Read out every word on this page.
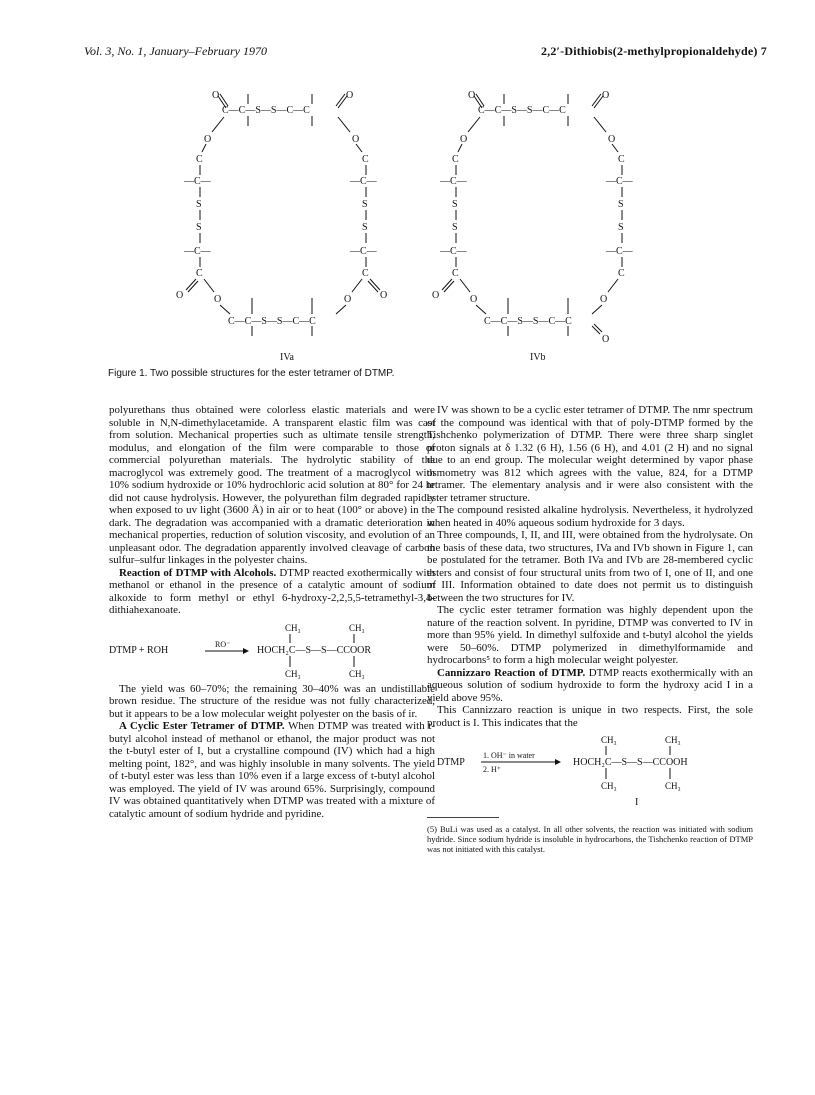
Vol. 3, No. 1, January–February 1970	2,2′-Dithiobis(2-methylpropionaldehyde) 7
C—C—S—S—C—C
O	O
O	O
C	C
—C—	—C—
S	S
S	S
—C—	—C—
C	C
O	O
O	O
C—C—S—S—C—C
IVa
C—C—S—S—C—C
O	O
O	O
C	C
—C—	—C—
S	S
S	S
—C—	—C—
C	C
O	O	O
C—C—S—S—C—C
O
IVb
Figure 1. Two possible structures for the ester tetramer of DTMP.

polyurethans thus obtained were colorless elastic materials and were soluble in N,N-dimethylacetamide. A transparent elastic film was cast from solution. Mechanical properties such as ultimate tensile strength, modulus, and elongation of the film were comparable to those of commercial polyurethan materials. The hydrolytic stability of the macroglycol was extremely good. The treatment of a macroglycol with 10% sodium hydroxide or 10% hydrochloric acid solution at 80° for 24 hr did not cause hydrolysis. However, the polyurethan film degraded rapidly when exposed to uv light (3600 Å) in air or to heat (100° or above) in the dark. The degradation was accompanied with a dramatic deterioration in mechanical properties, reduction of solution viscosity, and evolution of an unpleasant odor. The degradation apparently involved cleavage of carbon sulfur–sulfur linkages in the polyester chains.

Reaction of DTMP with Alcohols. DTMP reacted exothermically with methanol or ethanol in the presence of a catalytic amount of sodium alkoxide to form methyl or ethyl 6-hydroxy-2,2,5,5-tetramethyl-3,4-dithiahexanoate.

DTMP + ROH
RO⁻
HOCH₂C—S—S—CCOOR
CH₃	CH₃
CH₃	CH₃

The yield was 60–70%; the remaining 30–40% was an undistillable brown residue. The structure of the residue was not fully characterized, but it appears to be a low molecular weight polyester on the basis of ir.

A Cyclic Ester Tetramer of DTMP. When DTMP was treated with t-butyl alcohol instead of methanol or ethanol, the major product was not the t-butyl ester of I, but a crystalline compound (IV) which had a high melting point, 182°, and was highly insoluble in many solvents. The yield of t-butyl ester was less than 10% even if a large excess of t-butyl alcohol was employed. The yield of IV was around 65%. Surprisingly, compound IV was obtained quantitatively when DTMP was treated with a mixture of catalytic amount of sodium hydride and pyridine.

IV was shown to be a cyclic ester tetramer of DTMP. The nmr spectrum of the compound was identical with that of poly-DTMP formed by the Tishchenko polymerization of DTMP. There were three sharp singlet proton signals at δ 1.32 (6 H), 1.56 (6 H), and 4.01 (2 H) and no signal due to an end group. The molecular weight determined by vapor phase osmometry was 812 which agrees with the value, 824, for a DTMP tetramer. The elementary analysis and ir were also consistent with the ester tetramer structure.

The compound resisted alkaline hydrolysis. Nevertheless, it hydrolyzed when heated in 40% aqueous sodium hydroxide for 3 days.

Three compounds, I, II, and III, were obtained from the hydrolysate. On the basis of these data, two structures, IVa and IVb shown in Figure 1, can be postulated for the tetramer. Both IVa and IVb are 28-membered cyclic esters and consist of four structural units from two of I, one of II, and one of III. Information obtained to date does not permit us to distinguish between the two structures for IV.

The cyclic ester tetramer formation was highly dependent upon the nature of the reaction solvent. In pyridine, DTMP was converted to IV in more than 95% yield. In dimethyl sulfoxide and t-butyl alcohol the yields were 50–60%. DTMP polymerized in dimethylformamide and hydrocarbons⁵ to form a high molecular weight polyester.

Cannizzaro Reaction of DTMP. DTMP reacts exothermically with an aqueous solution of sodium hydroxide to form the hydroxy acid I in a yield above 95%.

This Cannizzaro reaction is unique in two respects. First, the sole product is I. This indicates that the

DTMP
1. OH⁻ in water
2. H⁺
HOCH₂C—S—S—CCOOH
CH₃	CH₃
CH₃	CH₃
I
(5) BuLi was used as a catalyst. In all other solvents, the reaction was initiated with sodium hydride. Since sodium hydride is insoluble in hydrocarbons, the Tishchenko reaction of DTMP was not initiated with this catalyst.
